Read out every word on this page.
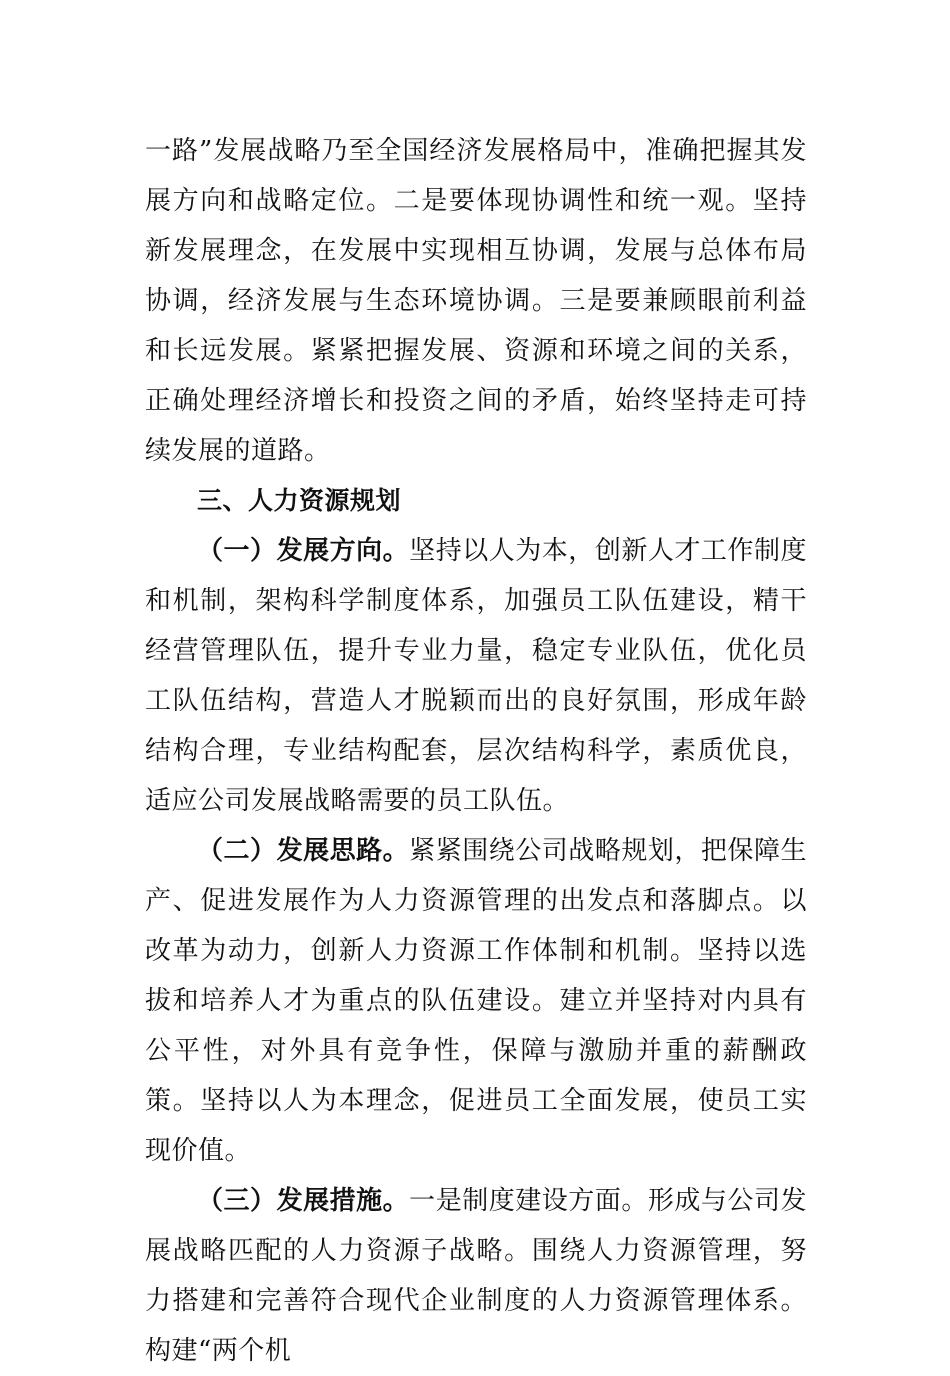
一路”发展战略乃至全国经济发展格局中，准确把握其发展方向和战略定位。二是要体现协调性和统一观。坚持新发展理念，在发展中实现相互协调，发展与总体布局协调，经济发展与生态环境协调。三是要兼顾眼前利益和长远发展。紧紧把握发展、资源和环境之间的关系，正确处理经济增长和投资之间的矛盾，始终坚持走可持续发展的道路。

三、人力资源规划

（一）发展方向。坚持以人为本，创新人才工作制度和机制，架构科学制度体系，加强员工队伍建设，精干经营管理队伍，提升专业力量，稳定专业队伍，优化员工队伍结构，营造人才脱颖而出的良好氛围，形成年龄结构合理，专业结构配套，层次结构科学，素质优良，适应公司发展战略需要的员工队伍。

（二）发展思路。紧紧围绕公司战略规划，把保障生产、促进发展作为人力资源管理的出发点和落脚点。以改革为动力，创新人力资源工作体制和机制。坚持以选拔和培养人才为重点的队伍建设。建立并坚持对内具有公平性，对外具有竞争性，保障与激励并重的薪酬政策。坚持以人为本理念，促进员工全面发展，使员工实现价值。

（三）发展措施。一是制度建设方面。形成与公司发展战略匹配的人力资源子战略。围绕人力资源管理，努力搭建和完善符合现代企业制度的人力资源管理体系。构建“两个机
